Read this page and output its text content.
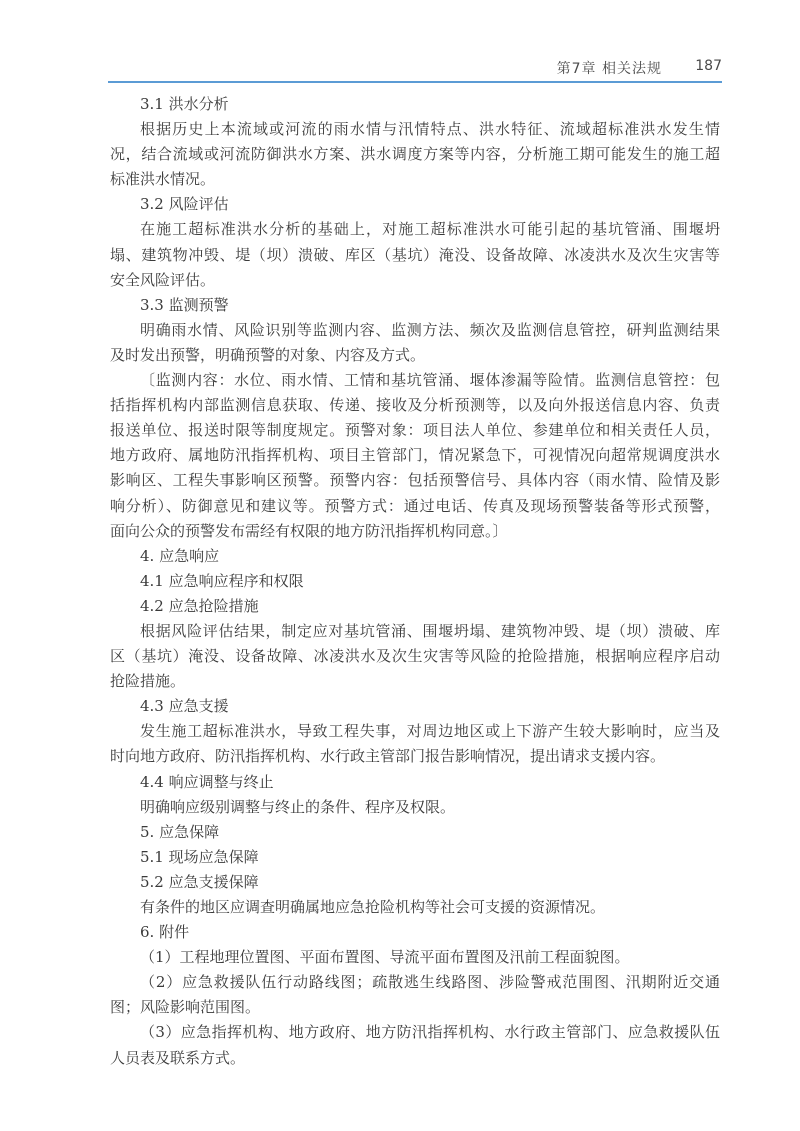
第7章 相关法规 187
3.1 洪水分析
根据历史上本流域或河流的雨水情与汛情特点、洪水特征、流域超标准洪水发生情
况，结合流域或河流防御洪水方案、洪水调度方案等内容，分析施工期可能发生的施工超
标准洪水情况。
3.2 风险评估
在施工超标准洪水分析的基础上，对施工超标准洪水可能引起的基坑管涌、围堰坍
塌、建筑物冲毁、堤（坝）溃破、库区（基坑）淹没、设备故障、冰凌洪水及次生灾害等
安全风险评估。
3.3 监测预警
明确雨水情、风险识别等监测内容、监测方法、频次及监测信息管控，研判监测结果
及时发出预警，明确预警的对象、内容及方式。
〔监测内容：水位、雨水情、工情和基坑管涌、堰体渗漏等险情。监测信息管控：包
括指挥机构内部监测信息获取、传递、接收及分析预测等，以及向外报送信息内容、负责
报送单位、报送时限等制度规定。预警对象：项目法人单位、参建单位和相关责任人员，
地方政府、属地防汛指挥机构、项目主管部门，情况紧急下，可视情况向超常规调度洪水
影响区、工程失事影响区预警。预警内容：包括预警信号、具体内容（雨水情、险情及影
响分析）、防御意见和建议等。预警方式：通过电话、传真及现场预警装备等形式预警，
面向公众的预警发布需经有权限的地方防汛指挥机构同意。〕
4. 应急响应
4.1 应急响应程序和权限
4.2 应急抢险措施
根据风险评估结果，制定应对基坑管涌、围堰坍塌、建筑物冲毁、堤（坝）溃破、库
区（基坑）淹没、设备故障、冰凌洪水及次生灾害等风险的抢险措施，根据响应程序启动
抢险措施。
4.3 应急支援
发生施工超标准洪水，导致工程失事，对周边地区或上下游产生较大影响时，应当及
时向地方政府、防汛指挥机构、水行政主管部门报告影响情况，提出请求支援内容。
4.4 响应调整与终止
明确响应级别调整与终止的条件、程序及权限。
5. 应急保障
5.1 现场应急保障
5.2 应急支援保障
有条件的地区应调查明确属地应急抢险机构等社会可支援的资源情况。
6. 附件
（1）工程地理位置图、平面布置图、导流平面布置图及汛前工程面貌图。
（2）应急救援队伍行动路线图；疏散逃生线路图、涉险警戒范围图、汛期附近交通
图；风险影响范围图。
（3）应急指挥机构、地方政府、地方防汛指挥机构、水行政主管部门、应急救援队伍
人员表及联系方式。
